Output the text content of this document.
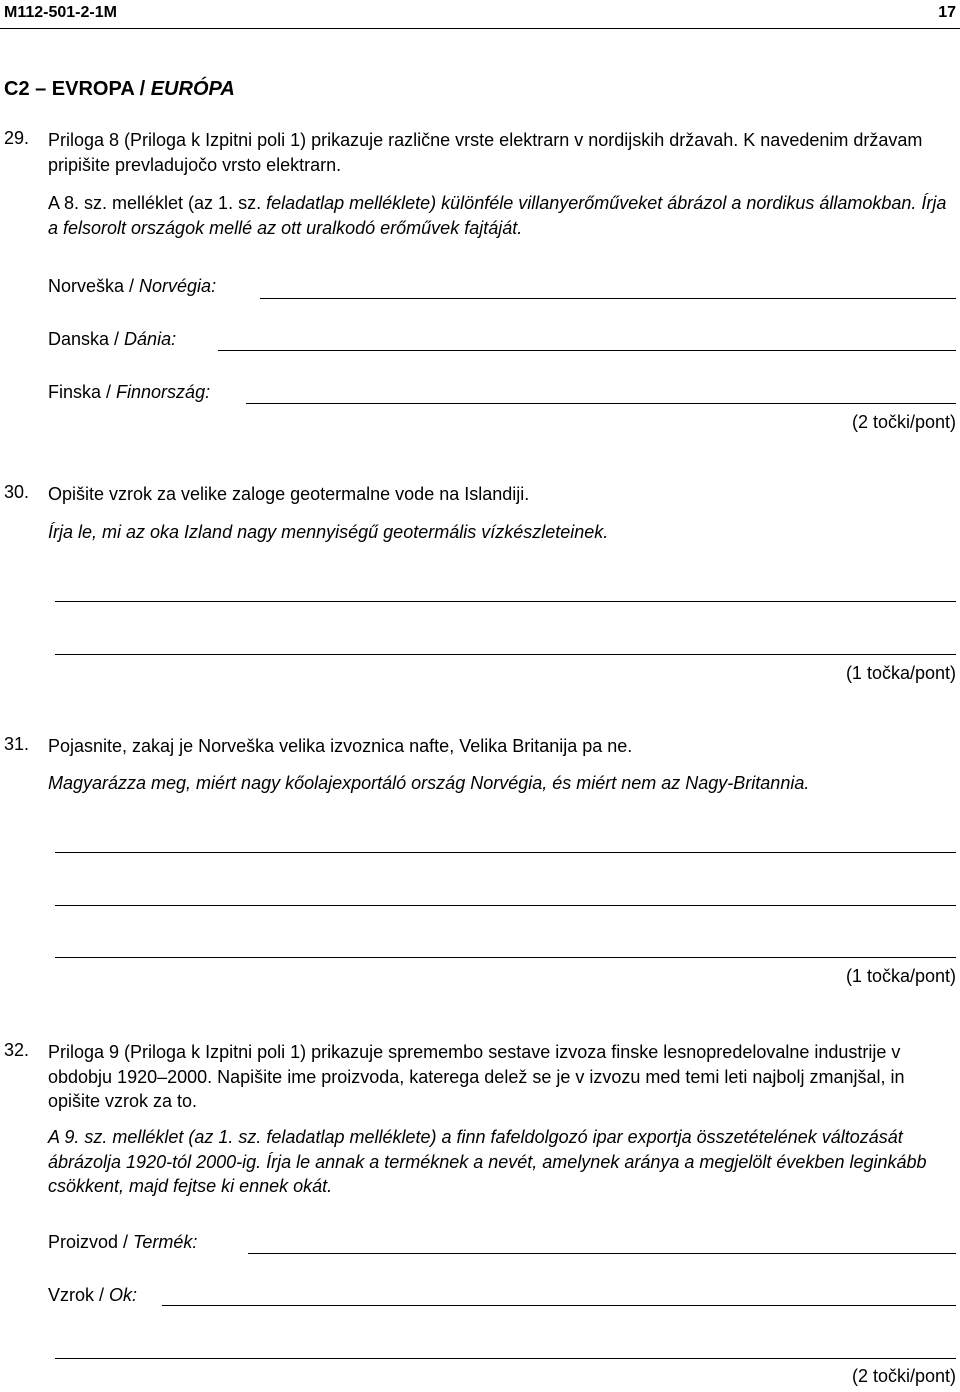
M112-501-2-1M	17
C2 – EVROPA / EURÓPA
29. Priloga 8 (Priloga k Izpitni poli 1) prikazuje različne vrste elektrarn v nordijskih državah. K navedenim državam pripišite prevladujočo vrsto elektrarn.
A 8. sz. melléklet (az 1. sz. feladatlap melléklete) különféle villanyerőműveket ábrázol a nordikus államokban. Írja a felsorolt országok mellé az ott uralkodó erőművek fajtáját.
Norveška / Norvégia:
Danska / Dánia:
Finska / Finnország:
(2 točki/pont)
30. Opišite vzrok za velike zaloge geotermalne vode na Islandiji.
Írja le, mi az oka Izland nagy mennyiségű geotermális vízkészleteinek.
(1 točka/pont)
31. Pojasnite, zakaj je Norveška velika izvoznica nafte, Velika Britanija pa ne.
Magyarázza meg, miért nagy kőolajexportáló ország Norvégia, és miért nem az Nagy-Britannia.
(1 točka/pont)
32. Priloga 9 (Priloga k Izpitni poli 1) prikazuje spremembo sestave izvoza finske lesnopredelovalne industrije v obdobju 1920–2000. Napišite ime proizvoda, katerega delež se je v izvozu med temi leti najbolj zmanjšal, in opišite vzrok za to.
A 9. sz. melléklet (az 1. sz. feladatlap melléklete) a finn fafeldolgozó ipar exportja összetételének változását ábrázolja 1920-tól 2000-ig. Írja le annak a terméknek a nevét, amelynek aránya a megjelölt években leginkább csökkent, majd fejtse ki ennek okát.
Proizvod / Termék:
Vzrok / Ok:
(2 točki/pont)
